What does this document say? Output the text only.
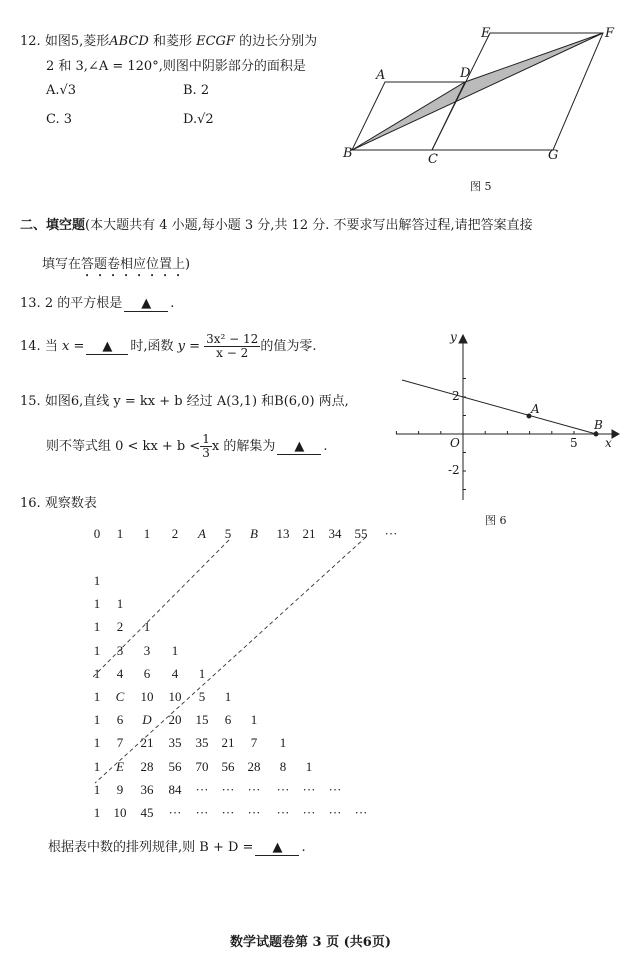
12. 如图5,菱形ABCD 和菱形 ECGF 的边长分别为
2 和 3,∠A = 120°,则图中阴影部分的面积是
A.√3	B. 2
C. 3	D.√2
A
B	C
D
E	F
G
图 5
二、填空题(本大题共有 4 小题,每小题 3 分,共 12 分. 不要求写出解答过程,请把答案直接
填写在答题卷相应位置上)
13. 2 的平方根是 ▲ .
14. 当 x = ▲ 时,函数 $y = \frac{\text{3x² − 12}}{x - 2}$ 的值为零.
15. 如图6,直线 y = kx + b 经过 A(3,1) 和B(6,0) 两点,
则不等式组 0 < kx + $b < \frac{1}{3}$ x 的解集为 ▲ .
y
x
O
2
-2
5
A
B
图 6
16. 观察数表
0 1 1 2 A 5 B 13 21 34 55 ···
1
1 1
1 2 1
1 3 3 1
1 4 6 4 1
1 C 10 10 5 1
1 6 D 20 15 6 1
1 7 21 35 35 21 7 1
1 E 28 56 70 56 28 8 1
1 9 36 84 ··· ··· ··· ··· ··· ···
1 10 45 ··· ··· ··· ··· ··· ··· ··· ···
根据表中数的排列规律,则 B + D = ▲ .
数学试题卷第 3 页 (共6页)
